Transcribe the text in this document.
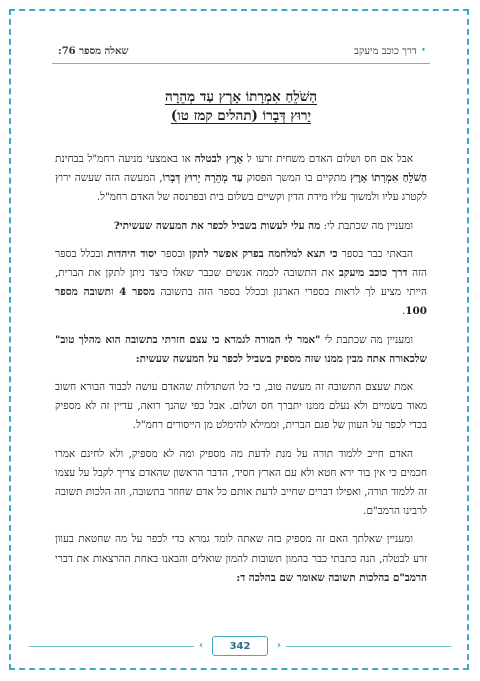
•
דרך כוכב מיעקב
שאלה מספר 76:
הַשֹׁלֵחַ אִמְרָתוֹ אָרֶץ עַד מְהֵרָה
יָרוּץ דְּבָרוֹ (תהלים קמז טו)

אבל אם חס ושלום האדם משחית זרעו ל אָרֶץ לבטלה או באמצעי מניעה רחמ"ל בבחינת הַשֹׁלֵחַ אִמְרָתוֹ אָרֶץ מתקיים בו המשך הפסוק עַד מְהֵרָה יָרוּץ דְּבָרוֹ, המעשה הזה שעשה ירוץ לקטרג עליו ולמשוך עליו מידת הדין וקשיים בשלום בית ובפרנסה של האדם רחמ"ל.

ומעניין מה שכתבת לי: מה עלי לעשות בשביל לכפר את המעשה שעשיתי?

הבאתי כבר בספר כי תצא למלחמה בפרק אפשר לתקן ובספר יסוד היהדות ובכלל בספר הזה דרך כוכב מיעקב את התשובה לכמה אנשים שכבר שאלו כיצד ניתן לתקן את הברית, הייתי מציע לך לראות בספרי הארגון ובכלל בספר הזה בתשובה מספר 4 ותשובה מספר 100.

ומעניין מה שכתבת לי "אמר לי המורה לגמרא כי עצם חזרתי בתשובה הוא מהלך טוב" שלכאורה אתה מבין ממנו שזה מספיק בשביל לכפר על המעשה שעשית:

אמת שעצם התשובה זה מעשה טוב, כי כל השתדלות שהאדם עושה לכבוד הבורא חשוב מאוד בשמיים ולא נעלם ממנו יתברך חס ושלום. אבל כפי שהנך רואה, עדיין זה לא מספיק בכדי לכפר על העוון של פגם הברית, וממילא להימלט מן הייסורים רחמ"ל.

האדם חייב ללמוד תורה על מנת לדעת מה מספיק ומה לא מספיק, ולא לחינם אמרו חכמים כי אין בור ירא חטא ולא עם הארץ חסיד, הדבר הראשון שהאדם צריך לקבל על עצמו זה ללמוד תורה, ואפילו דברים שחייב לדעת אותם כל אדם שחוזר בתשובה, וזה הלכות תשובה לרבינו הרמב"ם.

ומעניין שאלתך האם זה מספיק בזה שאתה לומד גמרא כדי לכפר על מה שחטאת בעוון זרע לבטלה, הנה כתבתי כבר בהמון תשובות להמון שואלים והבאנו באחת ההרצאות את דברי הרמב"ם בהלכות תשובה שאומר שם בהלכה ד:

‹	342	›
